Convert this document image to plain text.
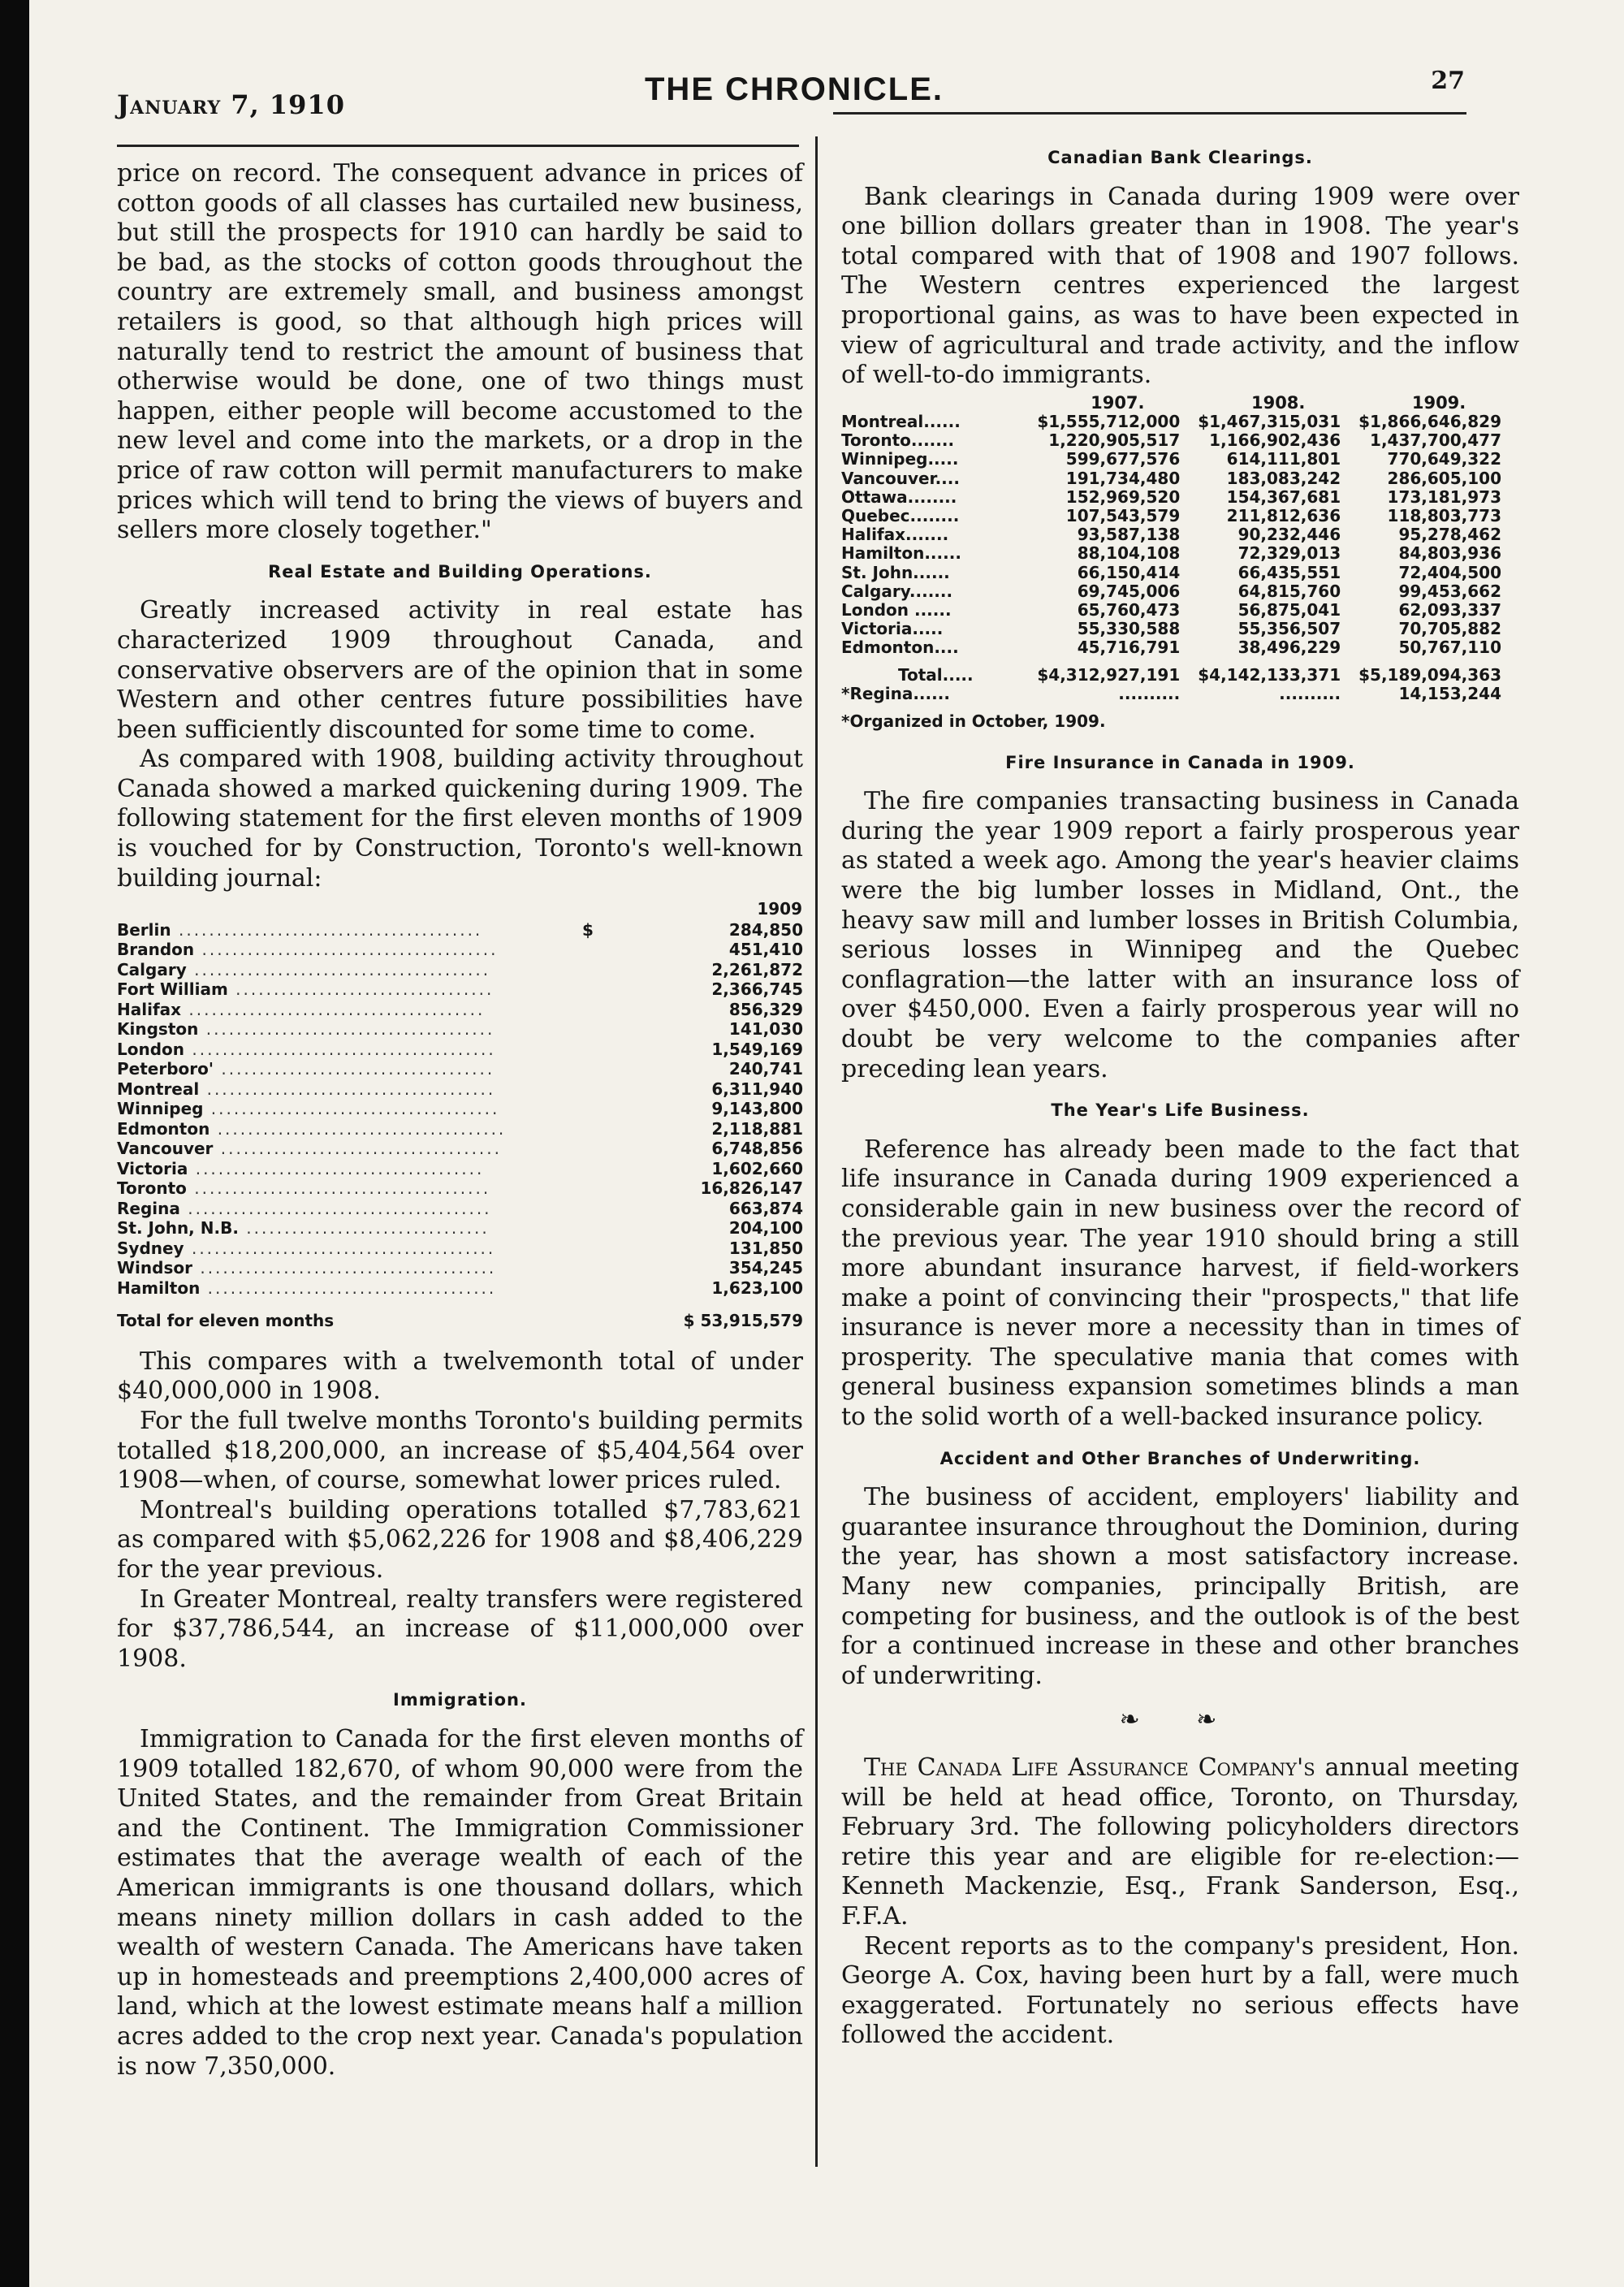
January 7, 1910	THE CHRONICLE.	27

price on record. The consequent advance in prices of cotton goods of all classes has curtailed new business, but still the prospects for 1910 can hardly be said to be bad, as the stocks of cotton goods throughout the country are extremely small, and business amongst retailers is good, so that although high prices will naturally tend to restrict the amount of business that otherwise would be done, one of two things must happen, either people will become accustomed to the new level and come into the markets, or a drop in the price of raw cotton will permit manufacturers to make prices which will tend to bring the views of buyers and sellers more closely together."

Real Estate and Building Operations.

Greatly increased activity in real estate has characterized 1909 throughout Canada, and conservative observers are of the opinion that in some Western and other centres future possibilities have been sufficiently discounted for some time to come.

As compared with 1908, building activity throughout Canada showed a marked quickening during 1909. The following statement for the first eleven months of 1909 is vouched for by Construction, Toronto's well-known building journal:

		1909
Berlin ........................................	$	284,850
Brandon .......................................		451,410
Calgary .......................................		2,261,872
Fort William ..................................		2,366,745
Halifax .......................................		856,329
Kingston ......................................		141,030
London ........................................		1,549,169
Peterboro' ....................................		240,741
Montreal ......................................		6,311,940
Winnipeg ......................................		9,143,800
Edmonton ......................................		2,118,881
Vancouver .....................................		6,748,856
Victoria ......................................		1,602,660
Toronto .......................................		16,826,147
Regina ........................................		663,874
St. John, N.B. ................................		204,100
Sydney ........................................		131,850
Windsor .......................................		354,245
Hamilton ......................................		1,623,100
Total for eleven months	$ 53,915,579

This compares with a twelvemonth total of under $40,000,000 in 1908.

For the full twelve months Toronto's building permits totalled $18,200,000, an increase of $5,404,564 over 1908—when, of course, somewhat lower prices ruled.

Montreal's building operations totalled $7,783,621 as compared with $5,062,226 for 1908 and $8,406,229 for the year previous.

In Greater Montreal, realty transfers were registered for $37,786,544, an increase of $11,000,000 over 1908.

Immigration.

Immigration to Canada for the first eleven months of 1909 totalled 182,670, of whom 90,000 were from the United States, and the remainder from Great Britain and the Continent. The Immigration Commissioner estimates that the average wealth of each of the American immigrants is one thousand dollars, which means ninety million dollars in cash added to the wealth of western Canada. The Americans have taken up in homesteads and preemptions 2,400,000 acres of land, which at the lowest estimate means half a million acres added to the crop next year. Canada's population is now 7,350,000.

Canadian Bank Clearings.

Bank clearings in Canada during 1909 were over one billion dollars greater than in 1908. The year's total compared with that of 1908 and 1907 follows. The Western centres experienced the largest proportional gains, as was to have been expected in view of agricultural and trade activity, and the inflow of well-to-do immigrants.

	1907.	1908.	1909.
Montreal......	$1,555,712,000	$1,467,315,031	$1,866,646,829
Toronto.......	1,220,905,517	1,166,902,436	1,437,700,477
Winnipeg.....	599,677,576	614,111,801	770,649,322
Vancouver....	191,734,480	183,083,242	286,605,100
Ottawa........	152,969,520	154,367,681	173,181,973
Quebec........	107,543,579	211,812,636	118,803,773
Halifax.......	93,587,138	90,232,446	95,278,462
Hamilton......	88,104,108	72,329,013	84,803,936
St. John......	66,150,414	66,435,551	72,404,500
Calgary.......	69,745,006	64,815,760	99,453,662
London ......	65,760,473	56,875,041	62,093,337
Victoria.....	55,330,588	55,356,507	70,705,882
Edmonton....	45,716,791	38,496,229	50,767,110
Total.....	$4,312,927,191	$4,142,133,371	$5,189,094,363
*Regina......	..........	..........	14,153,244
*Organized in October, 1909.
Fire Insurance in Canada in 1909.

The fire companies transacting business in Canada during the year 1909 report a fairly prosperous year as stated a week ago. Among the year's heavier claims were the big lumber losses in Midland, Ont., the heavy saw mill and lumber losses in British Columbia, serious losses in Winnipeg and the Quebec conflagration—the latter with an insurance loss of over $450,000. Even a fairly prosperous year will no doubt be very welcome to the companies after preceding lean years.

The Year's Life Business.

Reference has already been made to the fact that life insurance in Canada during 1909 experienced a considerable gain in new business over the record of the previous year. The year 1910 should bring a still more abundant insurance harvest, if field-workers make a point of convincing their "prospects," that life insurance is never more a necessity than in times of prosperity. The speculative mania that comes with general business expansion sometimes blinds a man to the solid worth of a well-backed insurance policy.

Accident and Other Branches of Underwriting.

The business of accident, employers' liability and guarantee insurance throughout the Dominion, during the year, has shown a most satisfactory increase. Many new companies, principally British, are competing for business, and the outlook is of the best for a continued increase in these and other branches of underwriting.

❧ ❧

The Canada Life Assurance Company's annual meeting will be held at head office, Toronto, on Thursday, February 3rd. The following policyholders directors retire this year and are eligible for re-election:—Kenneth Mackenzie, Esq., Frank Sanderson, Esq., F.F.A.

Recent reports as to the company's president, Hon. George A. Cox, having been hurt by a fall, were much exaggerated. Fortunately no serious effects have followed the accident.
